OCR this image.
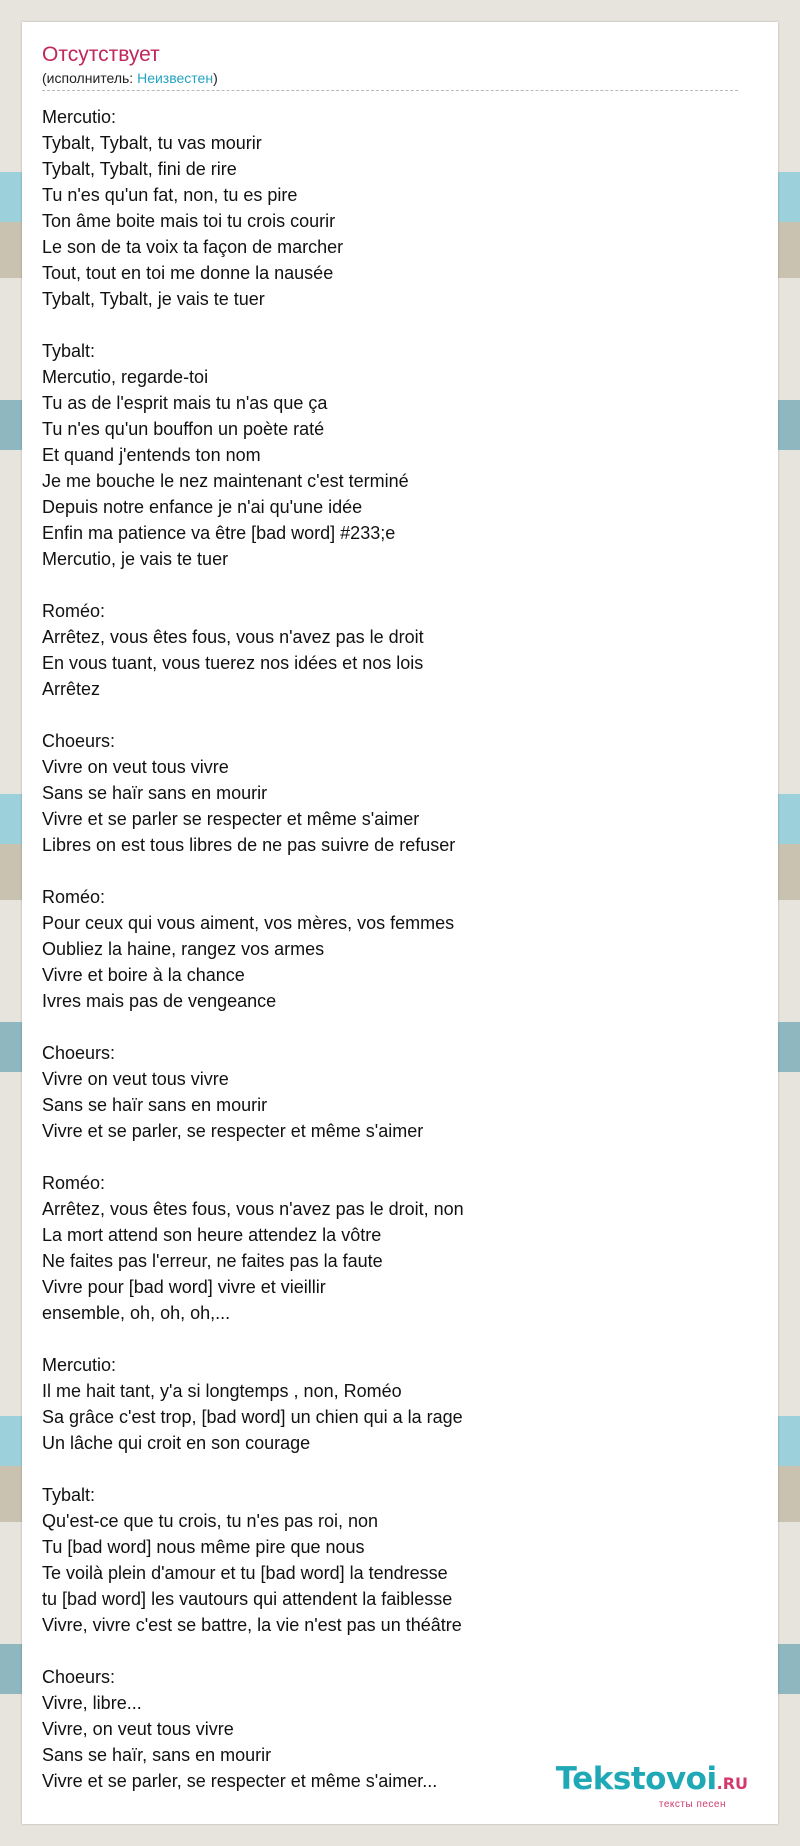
Отсутствует
(исполнитель: Неизвестен)
Mercutio:
Tybalt, Tybalt, tu vas mourir
Tybalt, Tybalt, fini de rire
Tu n'es qu'un fat, non, tu es pire
Ton âme boite mais toi tu crois courir
Le son de ta voix ta façon de marcher
Tout, tout en toi me donne la nausée
Tybalt, Tybalt, je vais te tuer

Tybalt:
Mercutio, regarde-toi
Tu as de l'esprit mais tu n'as que ça
Tu n'es qu'un bouffon un poète raté
Et quand j'entends ton nom
Je me bouche le nez maintenant c'est terminé
Depuis notre enfance je n'ai qu'une idée
Enfin ma patience va être [bad word] #233;e
Mercutio, je vais te tuer

Roméo:
Arrêtez, vous êtes fous, vous n'avez pas le droit
En vous tuant, vous tuerez nos idées et nos lois
Arrêtez

Choeurs:
Vivre on veut tous vivre
Sans se haïr sans en mourir
Vivre et se parler se respecter et même s'aimer
Libres on est tous libres de ne pas suivre de refuser

Roméo:
Pour ceux qui vous aiment, vos mères, vos femmes
Oubliez la haine, rangez vos armes
Vivre et boire à la chance
Ivres mais pas de vengeance

Choeurs:
Vivre on veut tous vivre
Sans se haïr sans en mourir
Vivre et se parler, se respecter et même s'aimer

Roméo:
Arrêtez, vous êtes fous, vous n'avez pas le droit, non
La mort attend son heure attendez la vôtre
Ne faites pas l'erreur, ne faites pas la faute
Vivre pour [bad word] vivre et vieillir
ensemble, oh, oh, oh,...

Mercutio:
Il me hait tant, y'a si longtemps , non, Roméo
Sa grâce c'est trop, [bad word] un chien qui a la rage
Un lâche qui croit en son courage

Tybalt:
Qu'est-ce que tu crois, tu n'es pas roi, non
Tu [bad word] nous même pire que nous
Te voilà plein d'amour et tu [bad word] la tendresse
tu [bad word] les vautours qui attendent la faiblesse
Vivre, vivre c'est se battre, la vie n'est pas un théâtre

Choeurs:
Vivre, libre...
Vivre, on veut tous vivre
Sans se haïr, sans en mourir
Vivre et se parler, se respecter et même s'aimer...	Tekstovoi.RU
тексты песен
